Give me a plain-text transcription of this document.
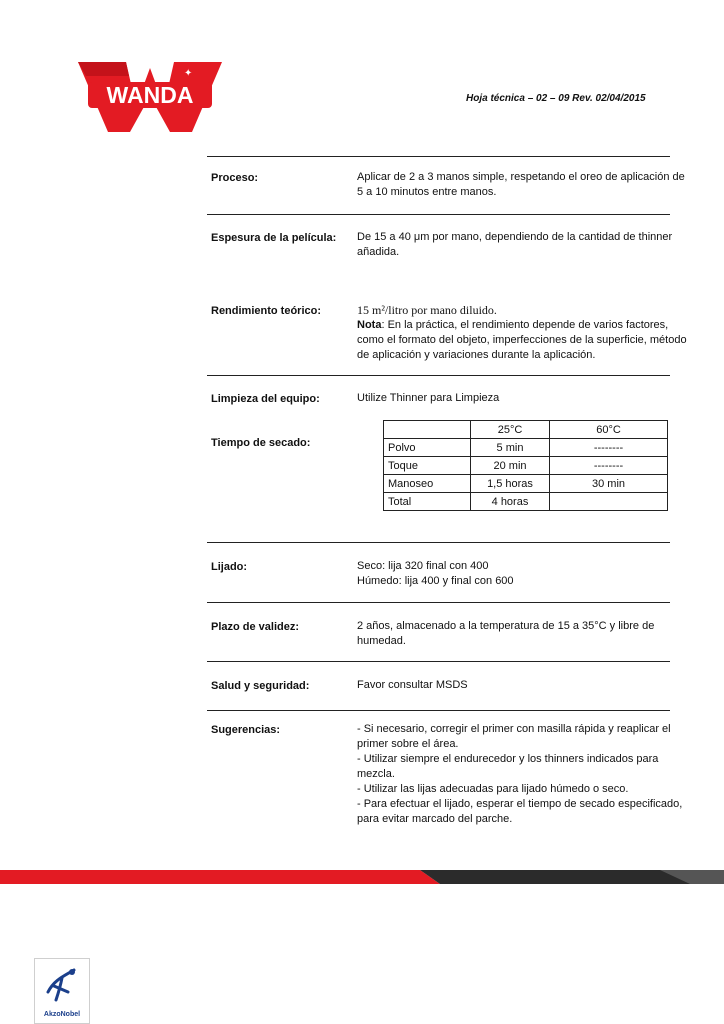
WANDA
✦
Hoja técnica – 02 – 09 Rev. 02/04/2015
Proceso:	Aplicar de 2 a 3 manos simple, respetando el oreo de aplicación de 5 a 10 minutos entre manos.

Espesura de la película: De 15 a 40 μm por mano, dependiendo de la cantidad de thinner añadida.

Rendimiento teórico:	15 m²/litro por mano diluido.

Nota: En la práctica, el rendimiento depende de varios factores, como el formato del objeto, imperfecciones de la superficie, método de aplicación y variaciones durante la aplicación.

Limpieza del equipo:	Utilize Thinner para Limpieza

Tiempo de secado:
	25°C	60°C
Polvo	5 min	--------
Toque	20 min	--------
Manoseo	1,5 horas	30 min
Total	4 horas	
Lijado:	Seco: lija 320 final con 400

Húmedo: lija 400 y final con 600

Plazo de validez:	2 años, almacenado a la temperatura de 15 a 35°C y libre de humedad.

Salud y seguridad:	Favor consultar MSDS

Sugerencias:	- Si necesario, corregir el primer con masilla rápida y reaplicar el primer sobre el área.

- Utilizar siempre el endurecedor y los thinners indicados para mezcla.

- Utilizar las lijas adecuadas para lijado húmedo o seco.

- Para efectuar el lijado, esperar el tiempo de secado especificado, para evitar marcado del parche.

AkzoNobel
